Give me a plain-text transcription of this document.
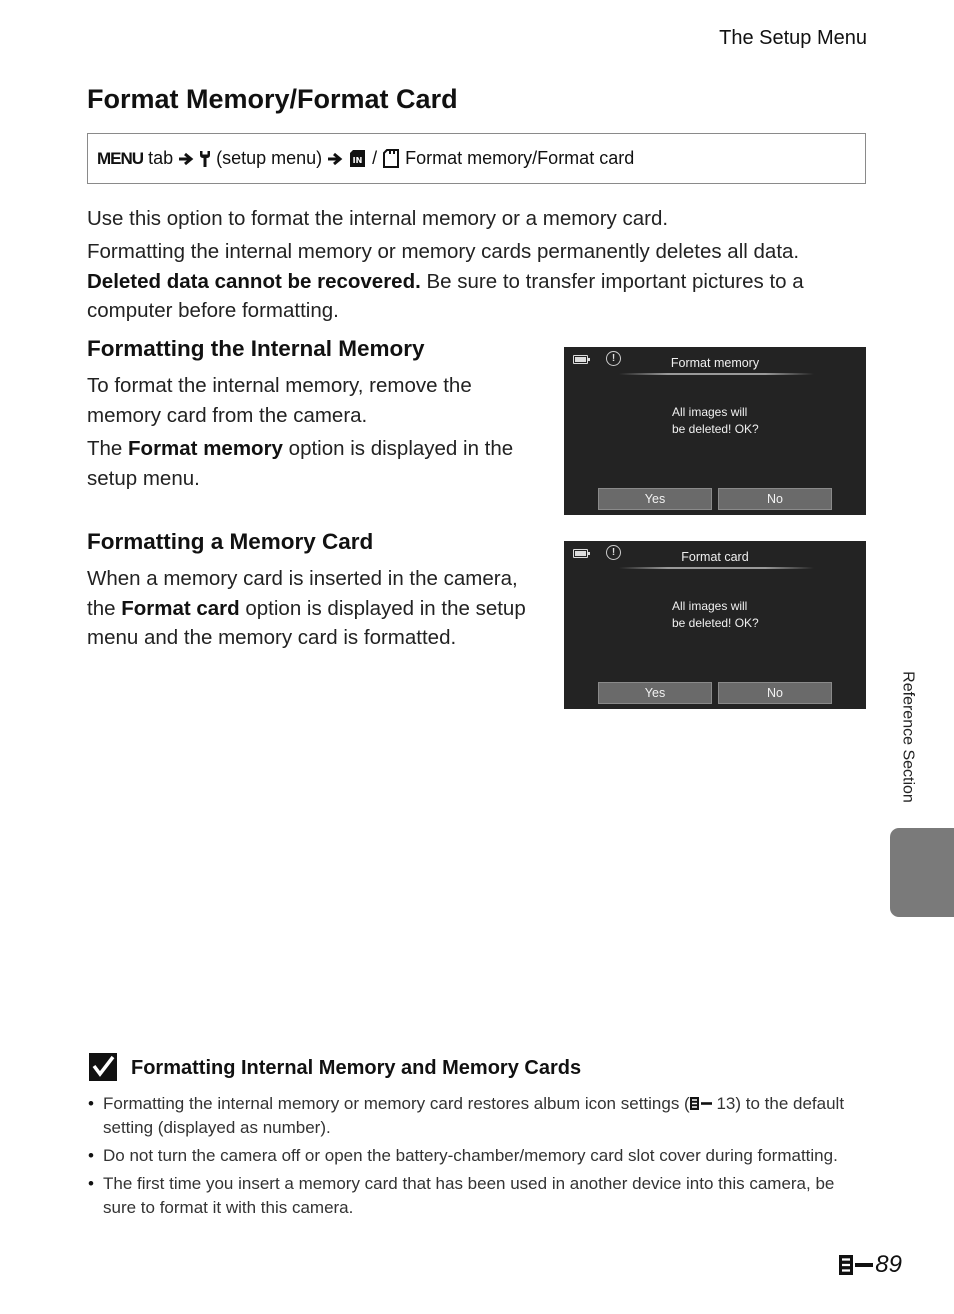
The Setup Menu
Format Memory/Format Card
MENU tab (setup menu)	IN / Format memory/Format card
Use this option to format the internal memory or a memory card.
Formatting the internal memory or memory cards permanently deletes all data.
Deleted data cannot be recovered. Be sure to transfer important pictures to a computer before formatting.
Formatting the Internal Memory
To format the internal memory, remove the memory card from the camera.
The Format memory option is displayed in the setup menu.
Formatting a Memory Card
When a memory card is inserted in the camera, the Format card option is displayed in the setup menu and the memory card is formatted.
!	Format memory
All images will
be deleted! OK?
Yes	No
!	Format card
All images will
be deleted! OK?
Yes	No	Reference Section
Formatting Internal Memory and Memory Cards
• Formatting the internal memory or memory card restores album icon settings ( 13) to the default setting (displayed as number).
• Do not turn the camera off or open the battery-chamber/memory card slot cover during formatting.
• The first time you insert a memory card that has been used in another device into this camera, be sure to format it with this camera.
89
